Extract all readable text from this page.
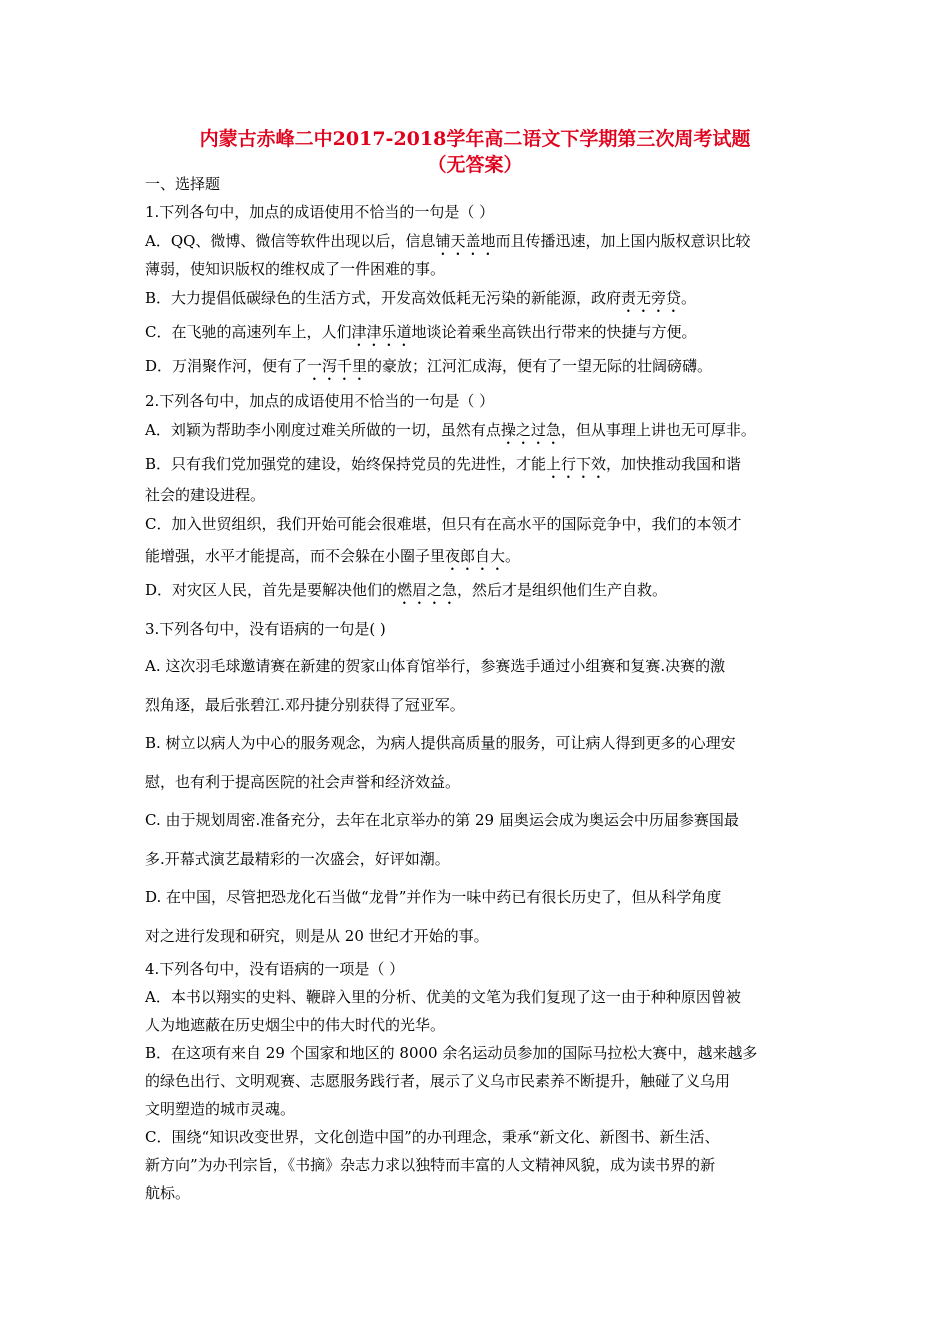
内蒙古赤峰二中2017-2018学年高二语文下学期第三次周考试题
（无答案）
一、选择题
1.下列各句中，加点的成语使用不恰当的一句是（ ）
A．QQ、微博、微信等软件出现以后，信息铺天盖地而且传播迅速，加上国内版权意识比较
薄弱，使知识版权的维权成了一件困难的事。
B．大力提倡低碳绿色的生活方式，开发高效低耗无污染的新能源，政府责无旁贷。
C．在飞驰的高速列车上，人们津津乐道地谈论着乘坐高铁出行带来的快捷与方便。
D．万涓聚作河，便有了一泻千里的豪放；江河汇成海，便有了一望无际的壮阔磅礴。
2.下列各句中，加点的成语使用不恰当的一句是（ ）
A．刘颖为帮助李小刚度过难关所做的一切，虽然有点操之过急，但从事理上讲也无可厚非。
B．只有我们党加强党的建设，始终保持党员的先进性，才能上行下效，加快推动我国和谐
社会的建设进程。
C．加入世贸组织，我们开始可能会很难堪，但只有在高水平的国际竞争中，我们的本领才
能增强，水平才能提高，而不会躲在小圈子里夜郎自大。
D．对灾区人民，首先是要解决他们的燃眉之急，然后才是组织他们生产自救。
3.下列各句中，没有语病的一句是( )
A. 这次羽毛球邀请赛在新建的贺家山体育馆举行，参赛选手通过小组赛和复赛.决赛的激
烈角逐，最后张碧江.邓丹捷分别获得了冠亚军。
B. 树立以病人为中心的服务观念，为病人提供高质量的服务，可让病人得到更多的心理安
慰，也有利于提高医院的社会声誉和经济效益。
C. 由于规划周密.准备充分，去年在北京举办的第 29 届奥运会成为奥运会中历届参赛国最
多.开幕式演艺最精彩的一次盛会，好评如潮。
D. 在中国，尽管把恐龙化石当做“龙骨”并作为一味中药已有很长历史了，但从科学角度
对之进行发现和研究，则是从 20 世纪才开始的事。
4.下列各句中，没有语病的一项是（ ）
A．本书以翔实的史料、鞭辟入里的分析、优美的文笔为我们复现了这一由于种种原因曾被
人为地遮蔽在历史烟尘中的伟大时代的光华。
B．在这项有来自 29 个国家和地区的 8000 余名运动员参加的国际马拉松大赛中，越来越多
的绿色出行、文明观赛、志愿服务践行者，展示了义乌市民素养不断提升，触碰了义乌用
文明塑造的城市灵魂。
C．围绕“知识改变世界，文化创造中国”的办刊理念，秉承“新文化、新图书、新生活、
新方向”为办刊宗旨，《书摘》杂志力求以独特而丰富的人文精神风貌，成为读书界的新
航标。
